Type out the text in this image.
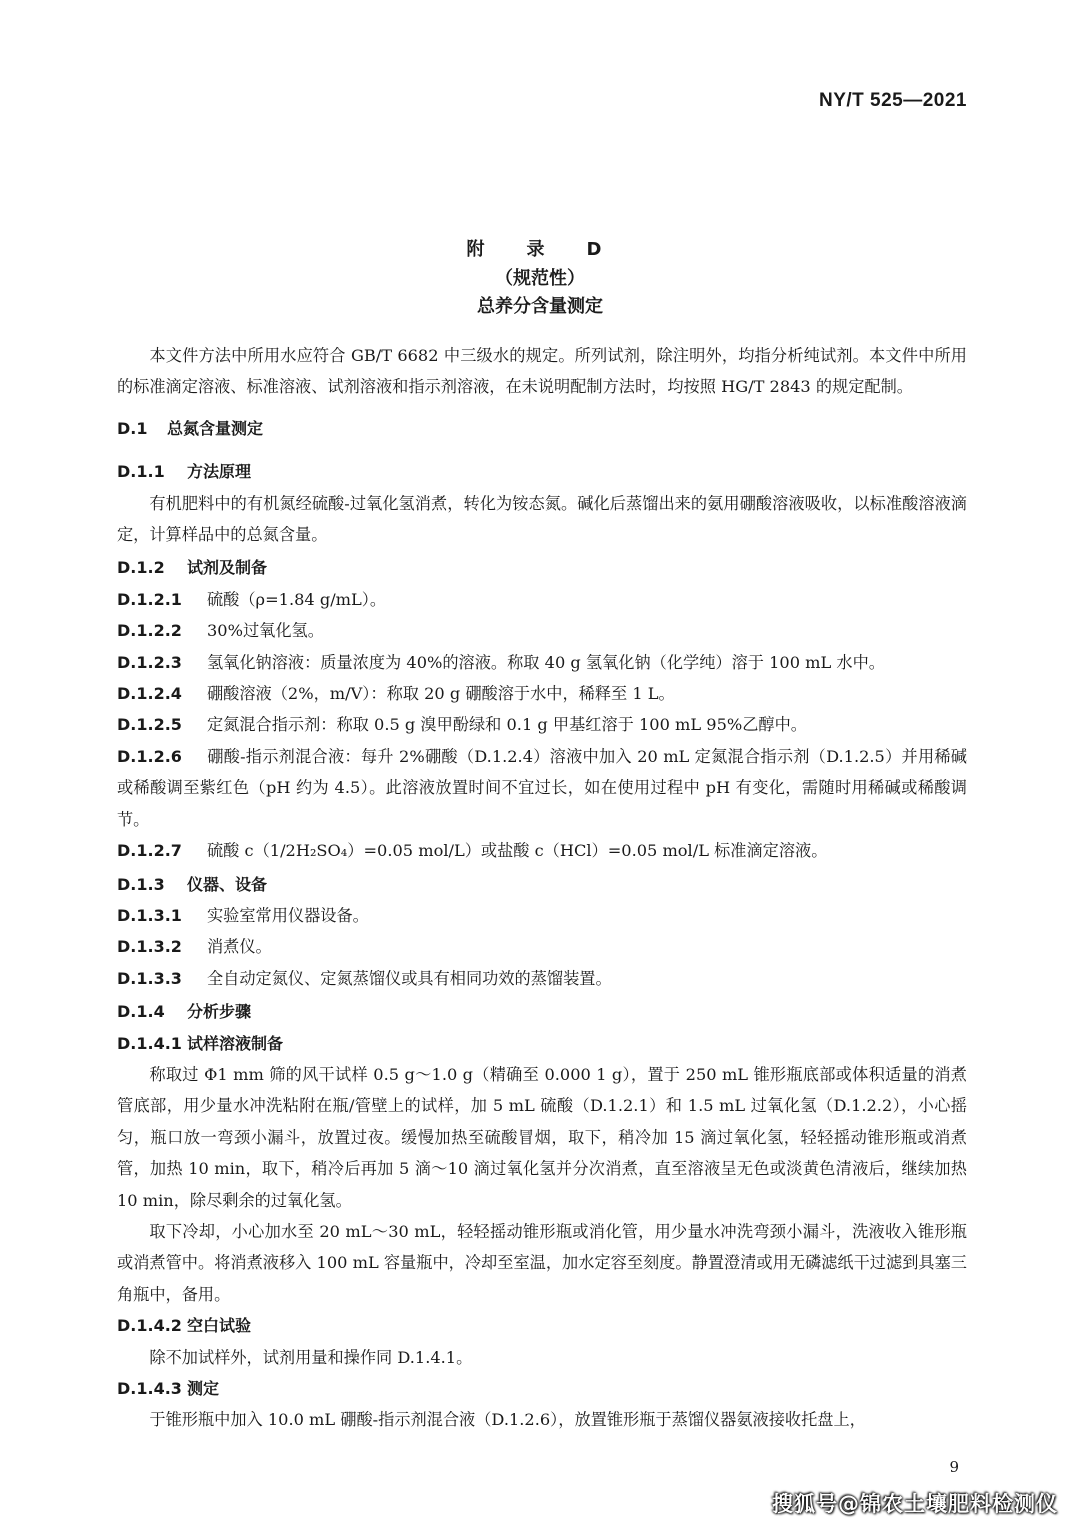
NY/T 525—2021
附　录　D
（规范性）
总养分含量测定

本文件方法中所用水应符合 GB/T 6682 中三级水的规定。所列试剂，除注明外，均指分析纯试剂。本文件中所用的标准滴定溶液、标准溶液、试剂溶液和指示剂溶液，在未说明配制方法时，均按照 HG/T 2843 的规定配制。

D.1	总氮含量测定
D.1.1	方法原理

有机肥料中的有机氮经硫酸-过氧化氢消煮，转化为铵态氮。碱化后蒸馏出来的氨用硼酸溶液吸收，以标准酸溶液滴定，计算样品中的总氮含量。

D.1.2	试剂及制备

D.1.2.1 硫酸（ρ=1.84 g/mL）。

D.1.2.2 30%过氧化氢。

D.1.2.3 氢氧化钠溶液：质量浓度为 40%的溶液。称取 40 g 氢氧化钠（化学纯）溶于 100 mL 水中。

D.1.2.4 硼酸溶液（2%，m/V）：称取 20 g 硼酸溶于水中，稀释至 1 L。

D.1.2.5 定氮混合指示剂：称取 0.5 g 溴甲酚绿和 0.1 g 甲基红溶于 100 mL 95%乙醇中。

D.1.2.6 硼酸-指示剂混合液：每升 2%硼酸（D.1.2.4）溶液中加入 20 mL 定氮混合指示剂（D.1.2.5）并用稀碱或稀酸调至紫红色（pH 约为 4.5）。此溶液放置时间不宜过长，如在使用过程中 pH 有变化，需随时用稀碱或稀酸调节。

D.1.2.7 硫酸 c（1/2H₂SO₄）=0.05 mol/L）或盐酸 c（HCl）=0.05 mol/L 标准滴定溶液。

D.1.3	仪器、设备

D.1.3.1 实验室常用仪器设备。

D.1.3.2 消煮仪。

D.1.3.3 全自动定氮仪、定氮蒸馏仪或具有相同功效的蒸馏装置。

D.1.4	分析步骤
D.1.4.1 试样溶液制备

称取过 Φ1 mm 筛的风干试样 0.5 g～1.0 g（精确至 0.000 1 g），置于 250 mL 锥形瓶底部或体积适量的消煮管底部，用少量水冲洗粘附在瓶/管壁上的试样，加 5 mL 硫酸（D.1.2.1）和 1.5 mL 过氧化氢（D.1.2.2），小心摇匀，瓶口放一弯颈小漏斗，放置过夜。缓慢加热至硫酸冒烟，取下，稍冷加 15 滴过氧化氢，轻轻摇动锥形瓶或消煮管，加热 10 min，取下，稍冷后再加 5 滴～10 滴过氧化氢并分次消煮，直至溶液呈无色或淡黄色清液后，继续加热 10 min，除尽剩余的过氧化氢。

取下冷却，小心加水至 20 mL～30 mL，轻轻摇动锥形瓶或消化管，用少量水冲洗弯颈小漏斗，洗液收入锥形瓶或消煮管中。将消煮液移入 100 mL 容量瓶中，冷却至室温，加水定容至刻度。静置澄清或用无磷滤纸干过滤到具塞三角瓶中，备用。

D.1.4.2 空白试验

除不加试样外，试剂用量和操作同 D.1.4.1。

D.1.4.3 测定

于锥形瓶中加入 10.0 mL 硼酸-指示剂混合液（D.1.2.6），放置锥形瓶于蒸馏仪器氨液接收托盘上，

9
搜狐号@锦农土壤肥料检测仪
